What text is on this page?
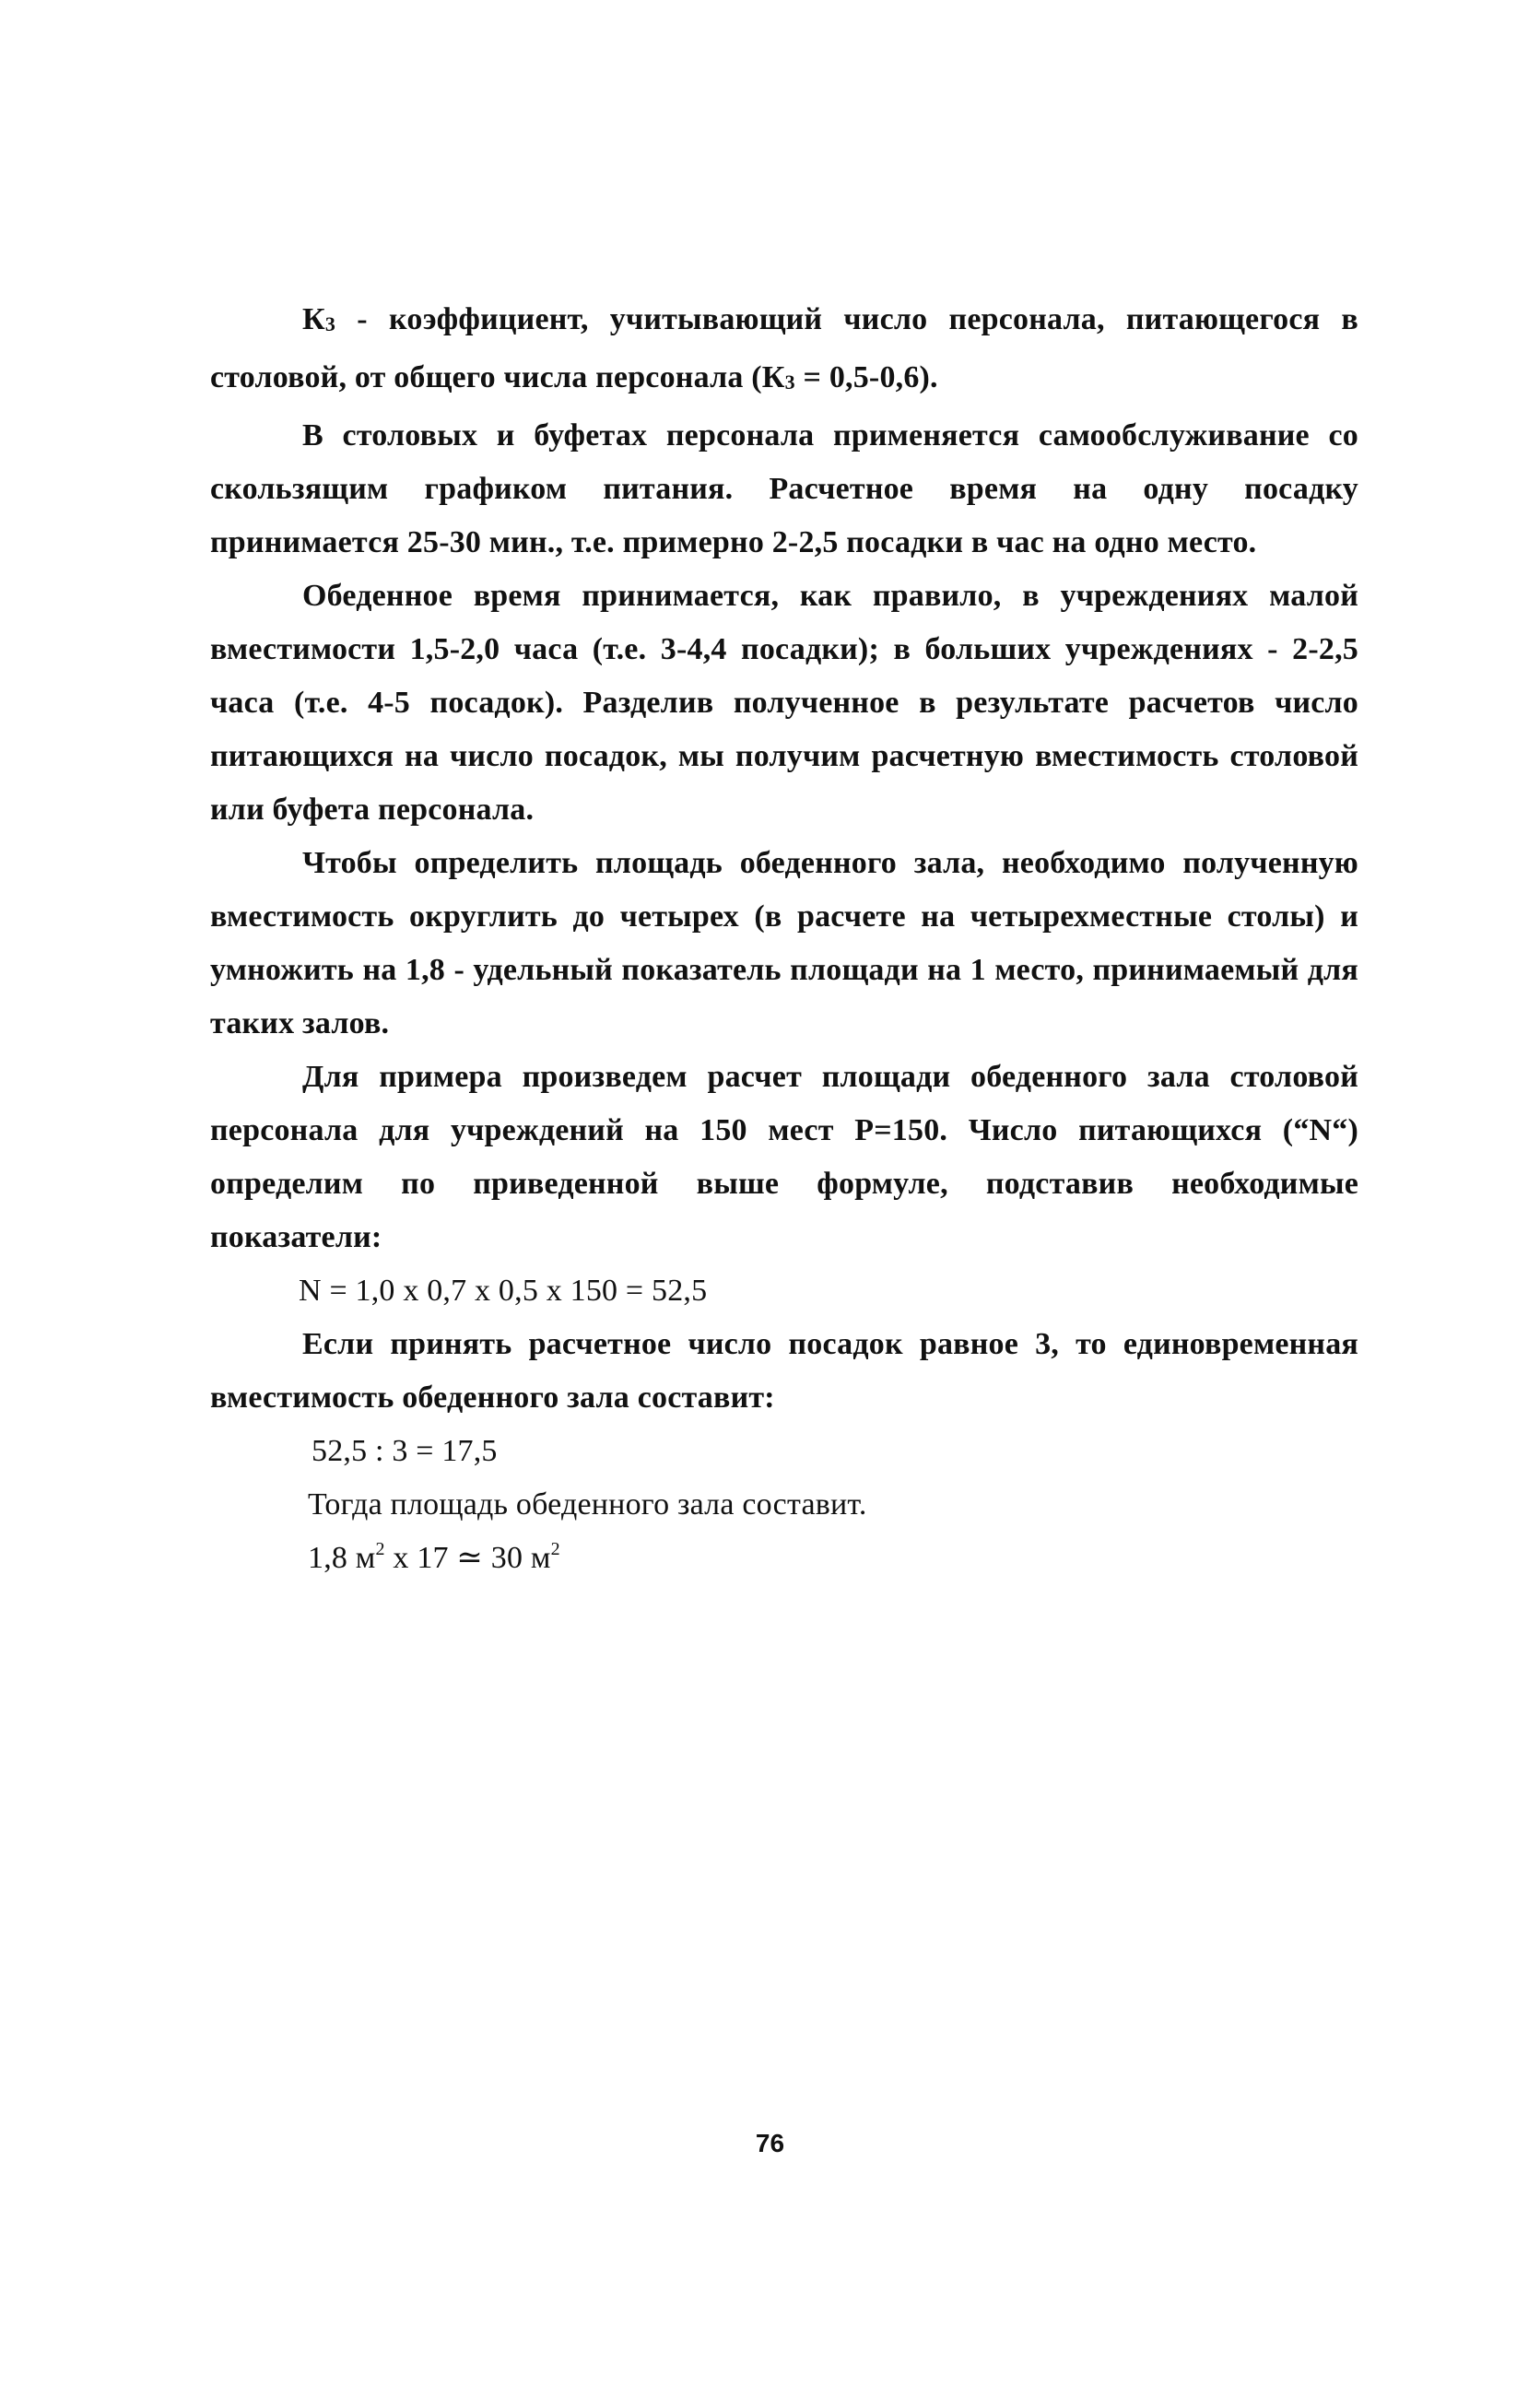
$К_3$ - коэффициент, учитывающий число персонала, питающегося в столовой, от общего числа персонала $(К_3 = 0,5-0,6)$.

В столовых и буфетах персонала применяется самообслуживание со скользящим графиком питания. Расчетное время на одну посадку принимается 25-30 мин., т.е. примерно 2-2,5 посадки в час на одно место.

Обеденное время принимается, как правило, в учреждениях малой вместимости 1,5-2,0 часа (т.е. 3-4,4 посадки); в больших учреждениях - 2-2,5 часа (т.е. 4-5 посадок). Разделив полученное в результате расчетов число питающихся на число посадок, мы получим расчетную вместимость столовой или буфета персонала.

Чтобы определить площадь обеденного зала, необходимо полученную вместимость округлить до четырех (в расчете на четырехместные столы) и умножить на 1,8 - удельный показатель площади на 1 место, принимаемый для таких залов.

Для примера произведем расчет площади обеденного зала столовой персонала для учреждений на 150 мест Р=150. Число питающихся (“N“) определим по приведенной выше формуле, подставив необходимые показатели:

N = 1,0 х 0,7 х 0,5 х 150 = 52,5

Если принять расчетное число посадок равное 3, то единовременная вместимость обеденного зала составит:

52,5 : 3 = 17,5

Тогда площадь обеденного зала составит.

1,8 $м^2$ х 17 ≃ 30 $м^2$

76
